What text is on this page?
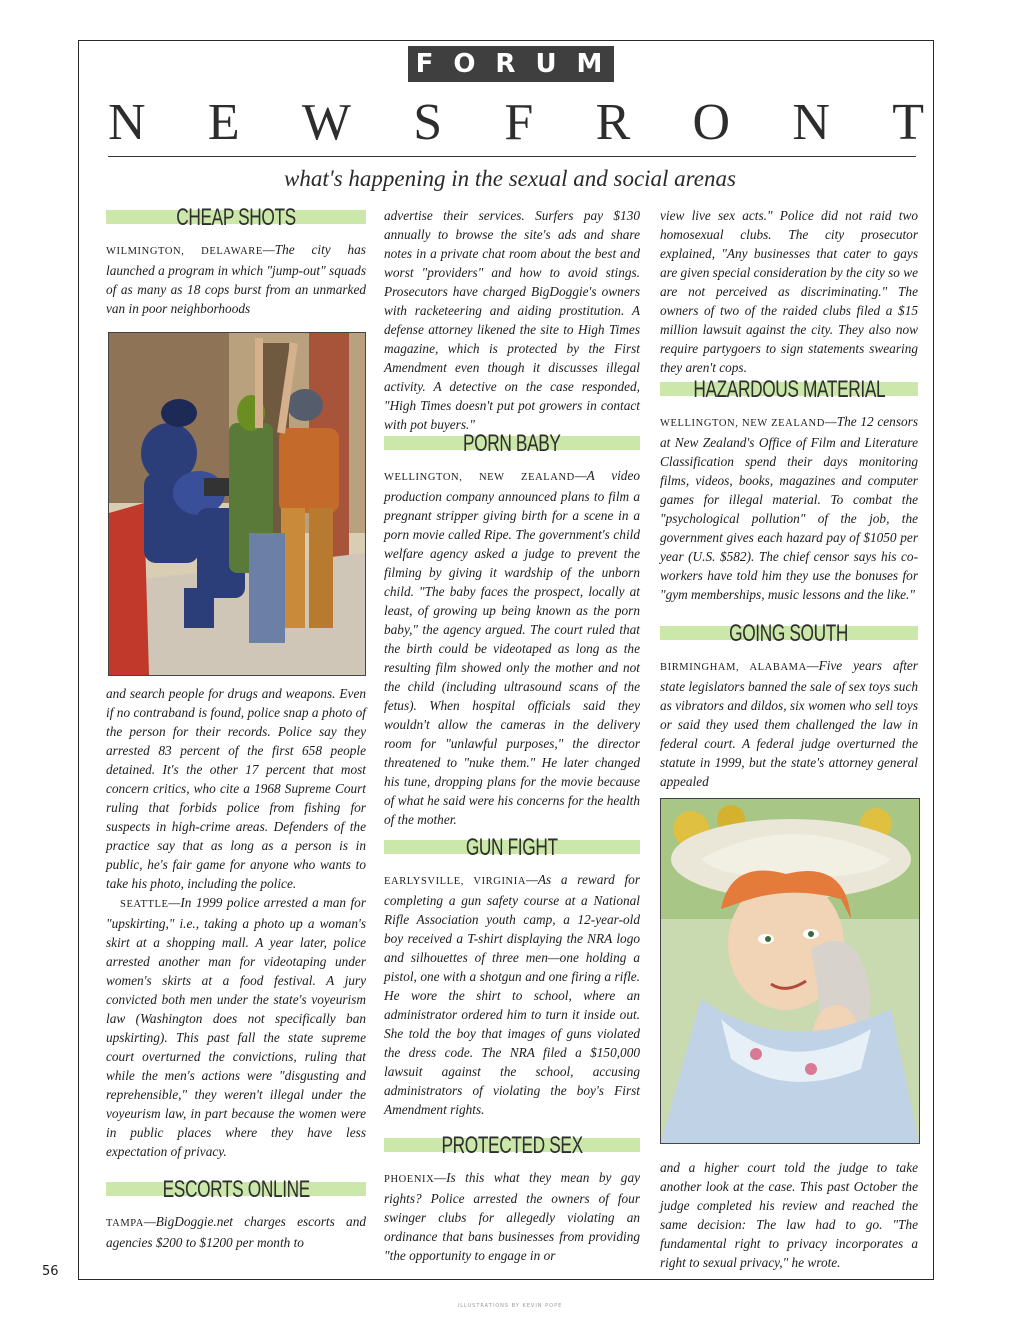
FORUM
N E W S F R O N T
what's happening in the sexual and social arenas
CHEAP SHOTS

WILMINGTON, DELAWARE—The city has launched a program in which "jump-out" squads of as many as 18 cops burst from an unmarked van in poor neighborhoods

and search people for drugs and weapons. Even if no contraband is found, police snap a photo of the person for their records. Police say they arrested 83 percent of the first 658 people detained. It's the other 17 percent that most concern critics, who cite a 1968 Supreme Court ruling that forbids police from fishing for suspects in high-crime areas. Defenders of the practice say that as long as a person is in public, he's fair game for anyone who wants to take his photo, including the police.

SEATTLE—In 1999 police arrested a man for "upskirting," i.e., taking a photo up a woman's skirt at a shopping mall. A year later, police arrested another man for videotaping under women's skirts at a food festival. A jury convicted both men under the state's voyeurism law (Washington does not specifically ban upskirting). This past fall the state supreme court overturned the convictions, ruling that while the men's actions were "disgusting and reprehensible," they weren't illegal under the voyeurism law, in part because the women were in public places where they have less expectation of privacy.

ESCORTS ONLINE

TAMPA—BigDoggie.net charges escorts and agencies $200 to $1200 per month to

advertise their services. Surfers pay $130 annually to browse the site's ads and share notes in a private chat room about the best and worst "providers" and how to avoid stings. Prosecutors have charged BigDoggie's owners with racketeering and aiding prostitution. A defense attorney likened the site to High Times magazine, which is protected by the First Amendment even though it discusses illegal activity. A detective on the case responded, "High Times doesn't put pot growers in contact with pot buyers."

PORN BABY

WELLINGTON, NEW ZEALAND—A video production company announced plans to film a pregnant stripper giving birth for a scene in a porn movie called Ripe. The government's child welfare agency asked a judge to prevent the filming by giving it wardship of the unborn child. "The baby faces the prospect, locally at least, of growing up being known as the porn baby," the agency argued. The court ruled that the birth could be videotaped as long as the resulting film showed only the mother and not the child (including ultrasound scans of the fetus). When hospital officials said they wouldn't allow the cameras in the delivery room for "unlawful purposes," the director threatened to "nuke them." He later changed his tune, dropping plans for the movie because of what he said were his concerns for the health of the mother.

GUN FIGHT

EARLYSVILLE, VIRGINIA—As a reward for completing a gun safety course at a National Rifle Association youth camp, a 12-year-old boy received a T-shirt displaying the NRA logo and silhouettes of three men—one holding a pistol, one with a shotgun and one firing a rifle. He wore the shirt to school, where an administrator ordered him to turn it inside out. She told the boy that images of guns violated the dress code. The NRA filed a $150,000 lawsuit against the school, accusing administrators of violating the boy's First Amendment rights.

PROTECTED SEX

PHOENIX—Is this what they mean by gay rights? Police arrested the owners of four swinger clubs for allegedly violating an ordinance that bans businesses from providing "the opportunity to engage in or

view live sex acts." Police did not raid two homosexual clubs. The city prosecutor explained, "Any businesses that cater to gays are given special consideration by the city so we are not perceived as discriminating." The owners of two of the raided clubs filed a $15 million lawsuit against the city. They also now require partygoers to sign statements swearing they aren't cops.

HAZARDOUS MATERIAL

WELLINGTON, NEW ZEALAND—The 12 censors at New Zealand's Office of Film and Literature Classification spend their days monitoring films, videos, books, magazines and computer games for illegal material. To combat the "psychological pollution" of the job, the government gives each hazard pay of $1050 per year (U.S. $582). The chief censor says his co-workers have told him they use the bonuses for "gym memberships, music lessons and the like."

GOING SOUTH

BIRMINGHAM, ALABAMA—Five years after state legislators banned the sale of sex toys such as vibrators and dildos, six women who sell toys or said they used them challenged the law in federal court. A federal judge overturned the statute in 1999, but the state's attorney general appealed

and a higher court told the judge to take another look at the case. This past October the judge completed his review and reached the same decision: The law had to go. "The fundamental right to privacy incorporates a right to sexual privacy," he wrote.

56
ILLUSTRATIONS BY KEVIN POPE
